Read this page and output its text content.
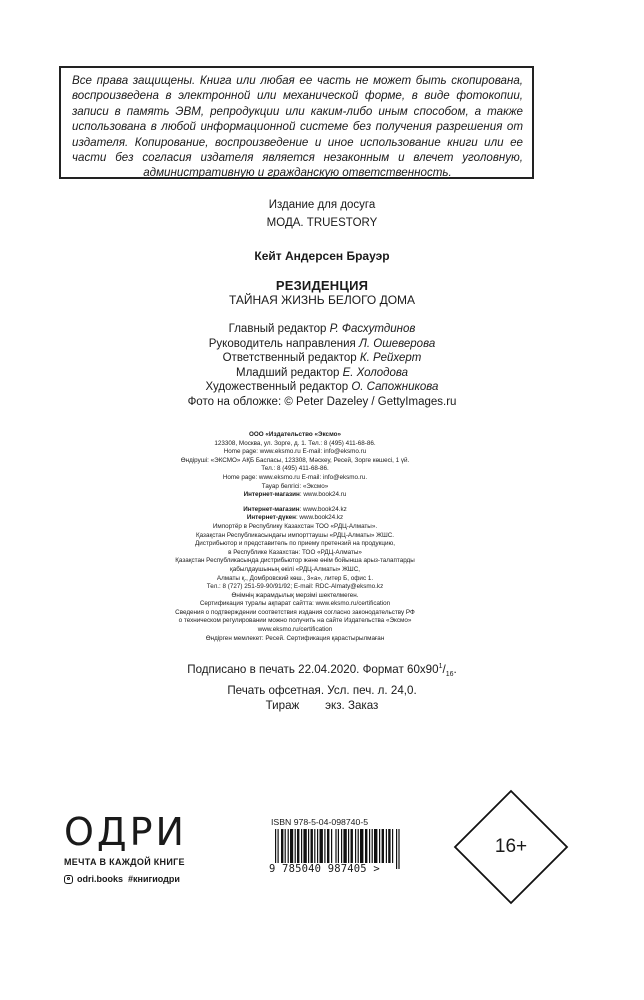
Все права защищены. Книга или любая ее часть не может быть скопирована, воспроизведена в электронной или механической форме, в виде фотокопии, записи в память ЭВМ, репродукции или каким-либо иным способом, а также использована в любой информационной системе без получения разрешения от издателя. Копирование, воспроизведение и иное использование книги или ее части без согласия издателя является незаконным и влечет уголовную, административную и гражданскую ответственность.

Издание для досуга
МОДА. TRUESTORY
Кейт Андерсен Брауэр
РЕЗИДЕНЦИЯ
ТАЙНАЯ ЖИЗНЬ БЕЛОГО ДОМА
Главный редактор Р. Фасхутдинов
Руководитель направления Л. Ошеверова
Ответственный редактор К. Рейхерт
Младший редактор Е. Холодова
Художественный редактор О. Сапожникова
Фото на обложке: © Peter Dazeley / GettyImages.ru
ООО «Издательство «Эксмо»
123308, Москва, ул. Зорге, д. 1. Тел.: 8 (495) 411-68-86.
Home page: www.eksmo.ru E-mail: info@eksmo.ru
Өндіруші: «ЭКСМО» АҚБ Баспасы, 123308, Мәскеу, Ресей, Зорге көшесі, 1 үй.
Тел.: 8 (495) 411-68-86.
Home page: www.eksmo.ru E-mail: info@eksmo.ru.
Тауар белгісі: «Эксмо»
Интернет-магазин: www.book24.ru
Интернет-магазин: www.book24.kz
Интернет-дүкен: www.book24.kz
Импортёр в Республику Казахстан ТОО «РДЦ-Алматы».
Қазақстан Республикасындағы импорттаушы «РДЦ-Алматы» ЖШС.
Дистрибьютор и представитель по приему претензий на продукцию,
в Республике Казахстан: ТОО «РДЦ-Алматы»
Қазақстан Республикасында дистрибьютор және өнім бойынша арыз-талаптарды
қабылдаушының өкілі «РДЦ-Алматы» ЖШС,
Алматы қ., Домбровский көш., 3«а», литер Б, офис 1.
Тел.: 8 (727) 251-59-90/91/92; E-mail: RDC-Almaty@eksmo.kz
Өнімнің жарамдылық мерзімі шектелмеген.
Сертификация туралы ақпарат сайтта: www.eksmo.ru/certification
Сведения о подтверждении соответствия издания согласно законодательству РФ
о техническом регулировании можно получить на сайте Издательства «Эксмо»
www.eksmo.ru/certification
Өндірген мемлекет: Ресей. Сертификация қарастырылмаған
Подписано в печать 22.04.2020. Формат $60х90^1/_{16}$.
Печать офсетная. Усл. печ. л. 24,0.
Тираж        экз. Заказ
ОДРИ
МЕЧТА В КАЖДОЙ КНИГЕ
odri.books  #книгиодри
ISBN 978-5-04-098740-5
9 785040 987405 >
16+
